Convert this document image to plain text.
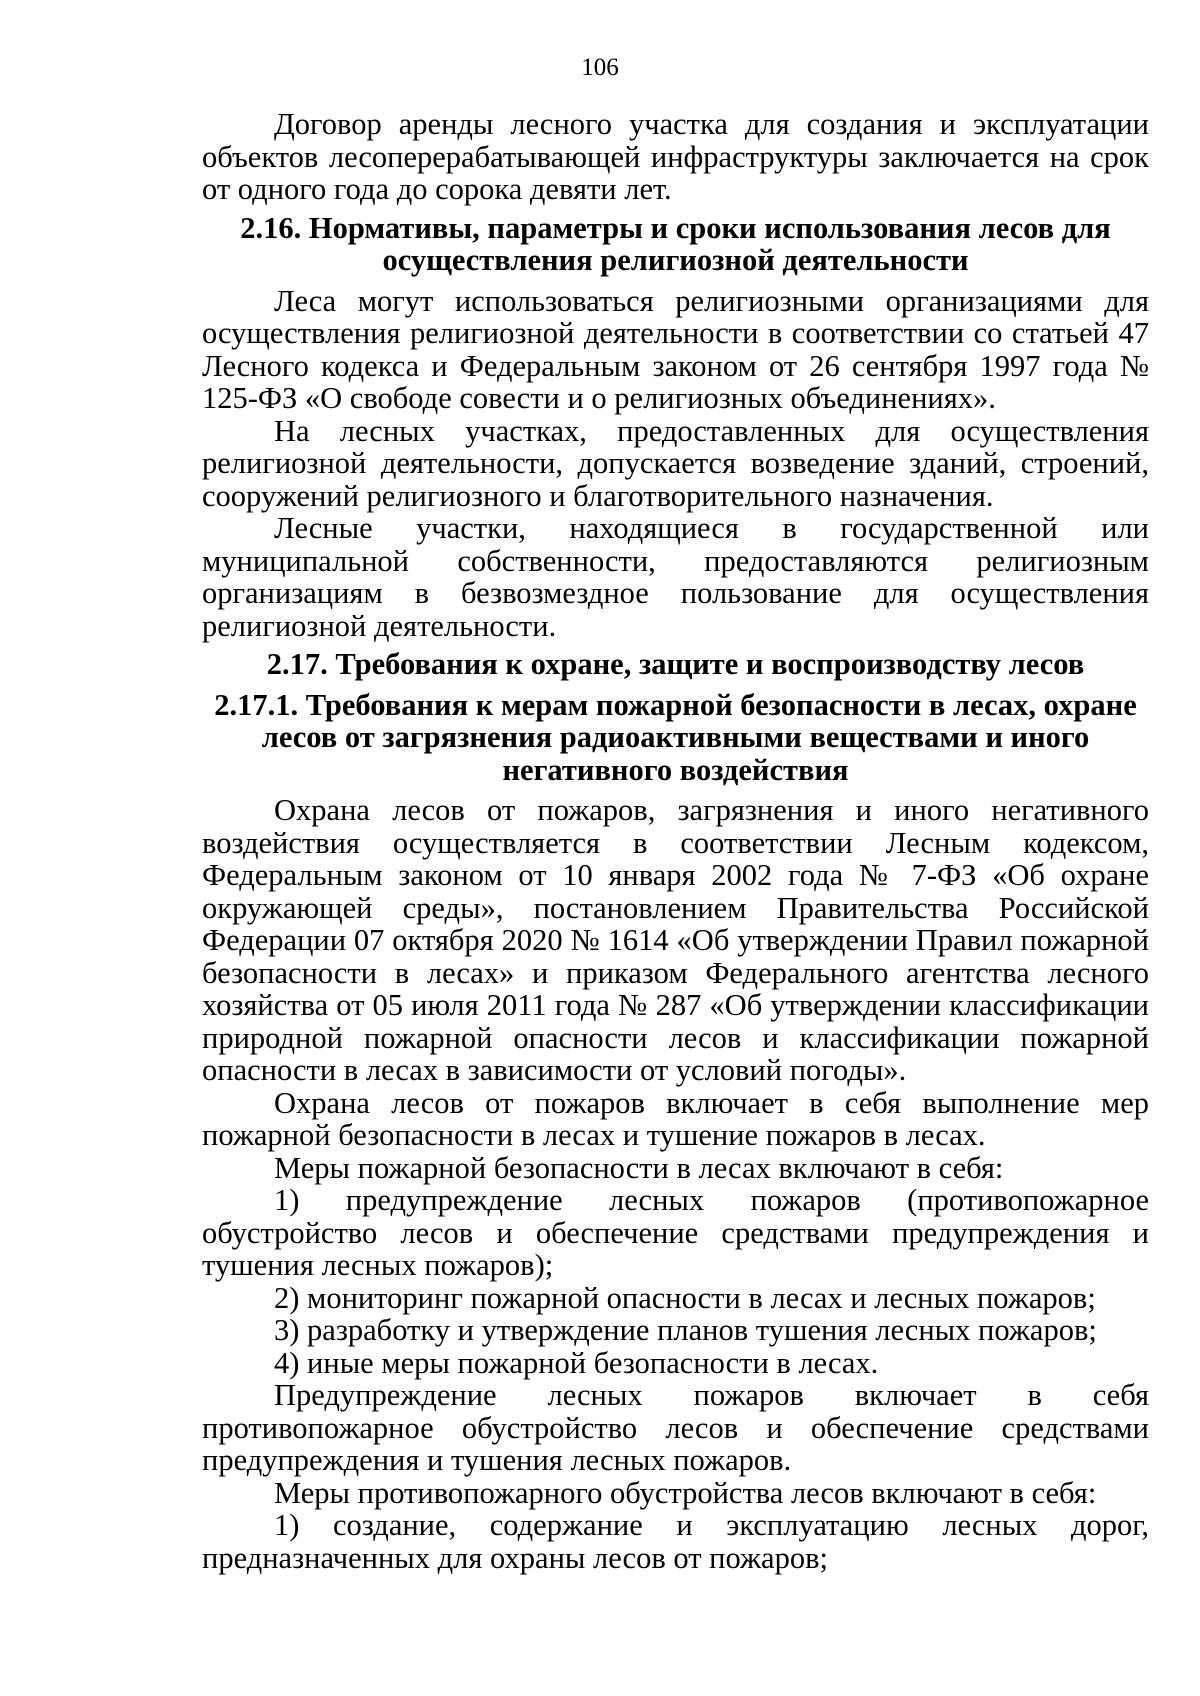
106

Договор аренды лесного участка для создания и эксплуатации объектов лесоперерабатывающей инфраструктуры заключается на срок от одного года до сорока девяти лет.

2.16. Нормативы, параметры и сроки использования лесов для осуществления религиозной деятельности

Леса могут использоваться религиозными организациями для осуществления религиозной деятельности в соответствии со статьей 47 Лесного кодекса и Федеральным законом от 26 сентября 1997 года № 125-ФЗ «О свободе совести и о религиозных объединениях».

На лесных участках, предоставленных для осуществления религиозной деятельности, допускается возведение зданий, строений, сооружений религиозного и благотворительного назначения.

Лесные участки, находящиеся в государственной или муниципальной собственности, предоставляются религиозным организациям в безвозмездное пользование для осуществления религиозной деятельности.

2.17. Требования к охране, защите и воспроизводству лесов
2.17.1. Требования к мерам пожарной безопасности в лесах, охране лесов от загрязнения радиоактивными веществами и иного негативного воздействия

Охрана лесов от пожаров, загрязнения и иного негативного воздействия осуществляется в соответствии Лесным кодексом, Федеральным законом от 10 января 2002 года № 7-ФЗ «Об охране окружающей среды», постановлением Правительства Российской Федерации 07 октября 2020 № 1614 «Об утверждении Правил пожарной безопасности в лесах» и приказом Федерального агентства лесного хозяйства от 05 июля 2011 года № 287 «Об утверждении классификации природной пожарной опасности лесов и классификации пожарной опасности в лесах в зависимости от условий погоды».

Охрана лесов от пожаров включает в себя выполнение мер пожарной безопасности в лесах и тушение пожаров в лесах.

Меры пожарной безопасности в лесах включают в себя:

1) предупреждение лесных пожаров (противопожарное обустройство лесов и обеспечение средствами предупреждения и тушения лесных пожаров);

2) мониторинг пожарной опасности в лесах и лесных пожаров;

3) разработку и утверждение планов тушения лесных пожаров;

4) иные меры пожарной безопасности в лесах.

Предупреждение лесных пожаров включает в себя противопожарное обустройство лесов и обеспечение средствами предупреждения и тушения лесных пожаров.

Меры противопожарного обустройства лесов включают в себя:

1) создание, содержание и эксплуатацию лесных дорог, предназначенных для охраны лесов от пожаров;
